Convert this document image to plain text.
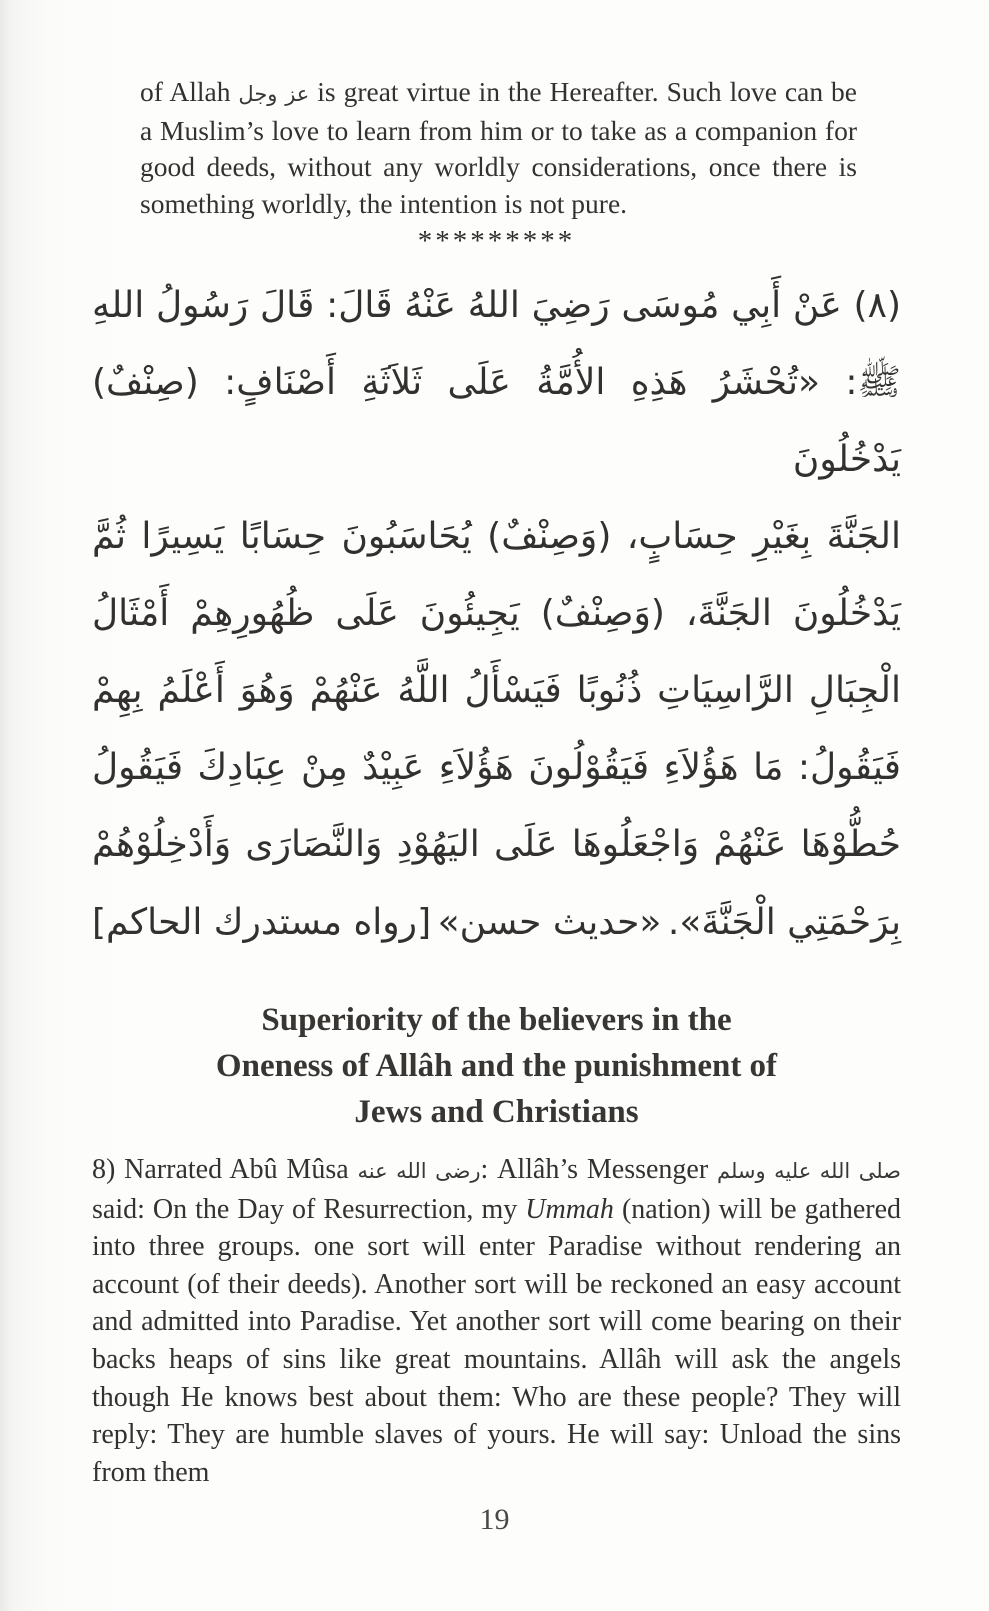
of Allah عز وجل is great virtue in the Hereafter. Such love can be a Muslim’s love to learn from him or to take as a companion for good deeds, without any worldly considerations, once there is something worldly, the intention is not pure.

*********
(٨) عَنْ أَبِي مُوسَى رَضِيَ اللهُ عَنْهُ قَالَ: قَالَ رَسُولُ اللهِ
ﷺ: «تُحْشَرُ هَذِهِ الأُمَّةُ عَلَى ثَلاَثَةِ أَصْنَافٍ: (صِنْفٌ) يَدْخُلُونَ
الجَنَّةَ بِغَيْرِ حِسَابٍ، (وَصِنْفٌ) يُحَاسَبُونَ حِسَابًا يَسِيرًا ثُمَّ
يَدْخُلُونَ الجَنَّةَ، (وَصِنْفٌ) يَجِيئُونَ عَلَى ظُهُورِهِمْ أَمْثَالُ
الْجِبَالِ الرَّاسِيَاتِ ذُنُوبًا فَيَسْأَلُ اللَّهُ عَنْهُمْ وَهُوَ أَعْلَمُ بِهِمْ
فَيَقُولُ: مَا هَؤُلاَءِ فَيَقُوْلُونَ هَؤُلاَءِ عَبِيْدٌ مِنْ عِبَادِكَ فَيَقُولُ
حُطُّوْهَا عَنْهُمْ وَاجْعَلُوهَا عَلَى اليَهُوْدِ وَالنَّصَارَى وَأَدْخِلُوْهُمْ
بِرَحْمَتِي الْجَنَّةَ».
«حديث حسن»
[رواه مستدرك الحاكم]
Superiority of the believers in the
Oneness of Allâh and the punishment of
Jews and Christians

8) Narrated Abû Mûsa رضى الله عنه: Allâh’s Messenger صلى الله عليه وسلم said: On the Day of Resurrection, my Ummah (nation) will be gathered into three groups. one sort will enter Paradise without rendering an account (of their deeds). Another sort will be reckoned an easy account and admitted into Paradise. Yet another sort will come bearing on their backs heaps of sins like great mountains. Allâh will ask the angels though He knows best about them: Who are these people? They will reply: They are humble slaves of yours. He will say: Unload the sins from them

19
